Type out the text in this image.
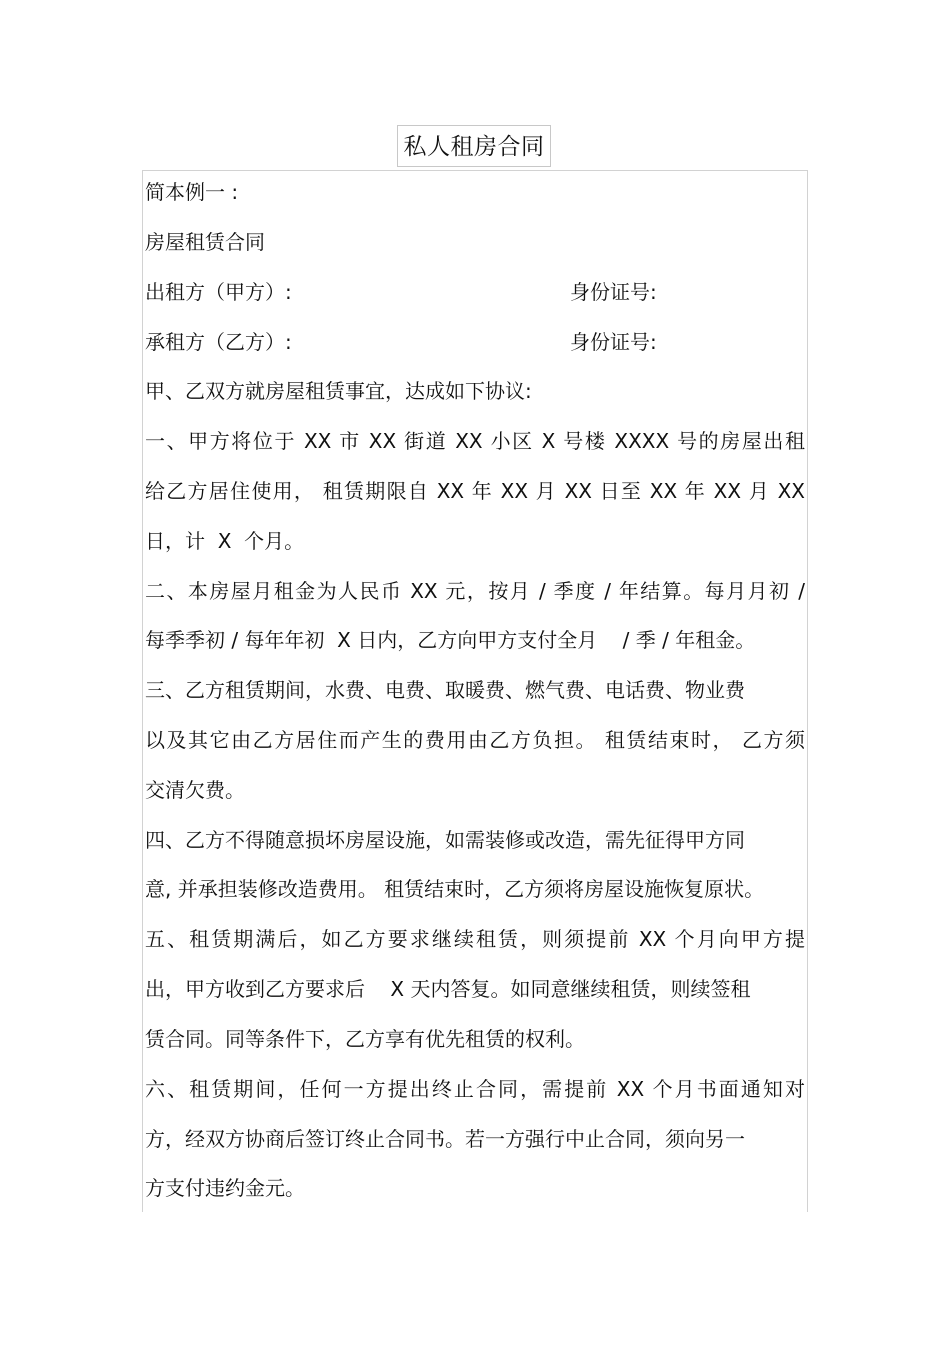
私人租房合同
简本例一 :
房屋租赁合同
出租方（甲方）:	身份证号:
承租方（乙方）:	身份证号:
甲、乙双方就房屋租赁事宜，达成如下协议:
一、甲方将位于 XX 市 XX 街道 XX 小区 X 号楼 XXXX 号的房屋出租
给乙方居住使用， 租赁期限自 XX 年 XX 月 XX 日至 XX 年 XX 月 XX
日，计  X  个月。
二、本房屋月租金为人民币 XX 元，按月 / 季度 / 年结算。每月月初 /
每季季初 / 每年年初  X 日内，乙方向甲方支付全月    / 季 / 年租金。
三、乙方租赁期间，水费、电费、取暖费、燃气费、电话费、物业费
以及其它由乙方居住而产生的费用由乙方负担。 租赁结束时， 乙方须
交清欠费。
四、乙方不得随意损坏房屋设施，如需装修或改造，需先征得甲方同
意, 并承担装修改造费用。 租赁结束时，乙方须将房屋设施恢复原状。
五、租赁期满后，如乙方要求继续租赁，则须提前 XX 个月向甲方提
出，甲方收到乙方要求后    X 天内答复。如同意继续租赁，则续签租
赁合同。同等条件下，乙方享有优先租赁的权利。
六、租赁期间，任何一方提出终止合同，需提前 XX 个月书面通知对
方，经双方协商后签订终止合同书。若一方强行中止合同，须向另一
方支付违约金元。
